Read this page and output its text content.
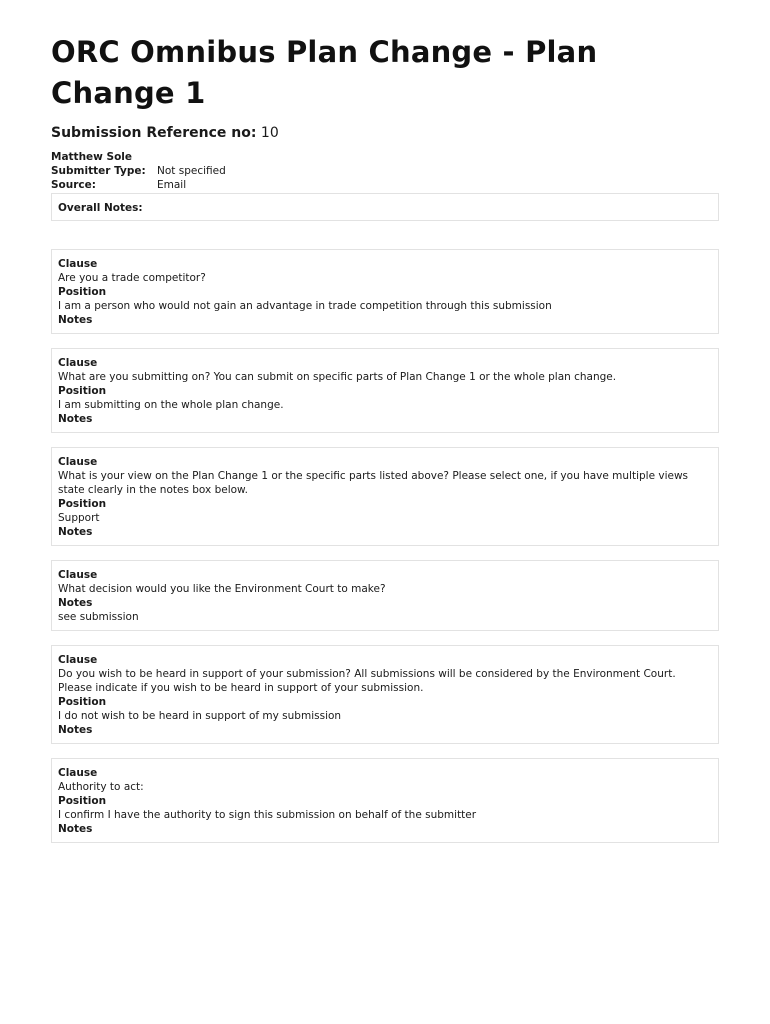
ORC Omnibus Plan Change - Plan Change 1
Submission Reference no: 10
Matthew Sole
Submitter Type:	Not specified
Source:	Email
Overall Notes:
Clause
Are you a trade competitor?
Position
I am a person who would not gain an advantage in trade competition through this submission
Notes
Clause
What are you submitting on? You can submit on specific parts of Plan Change 1 or the whole plan change.
Position
I am submitting on the whole plan change.
Notes
Clause
What is your view on the Plan Change 1 or the specific parts listed above? Please select one, if you have multiple views state clearly in the notes box below.
Position
Support
Notes
Clause
What decision would you like the Environment Court to make?
Notes
see submission
Clause
Do you wish to be heard in support of your submission? All submissions will be considered by the Environment Court. Please indicate if you wish to be heard in support of your submission.
Position
I do not wish to be heard in support of my submission
Notes
Clause
Authority to act:
Position
I confirm I have the authority to sign this submission on behalf of the submitter
Notes
